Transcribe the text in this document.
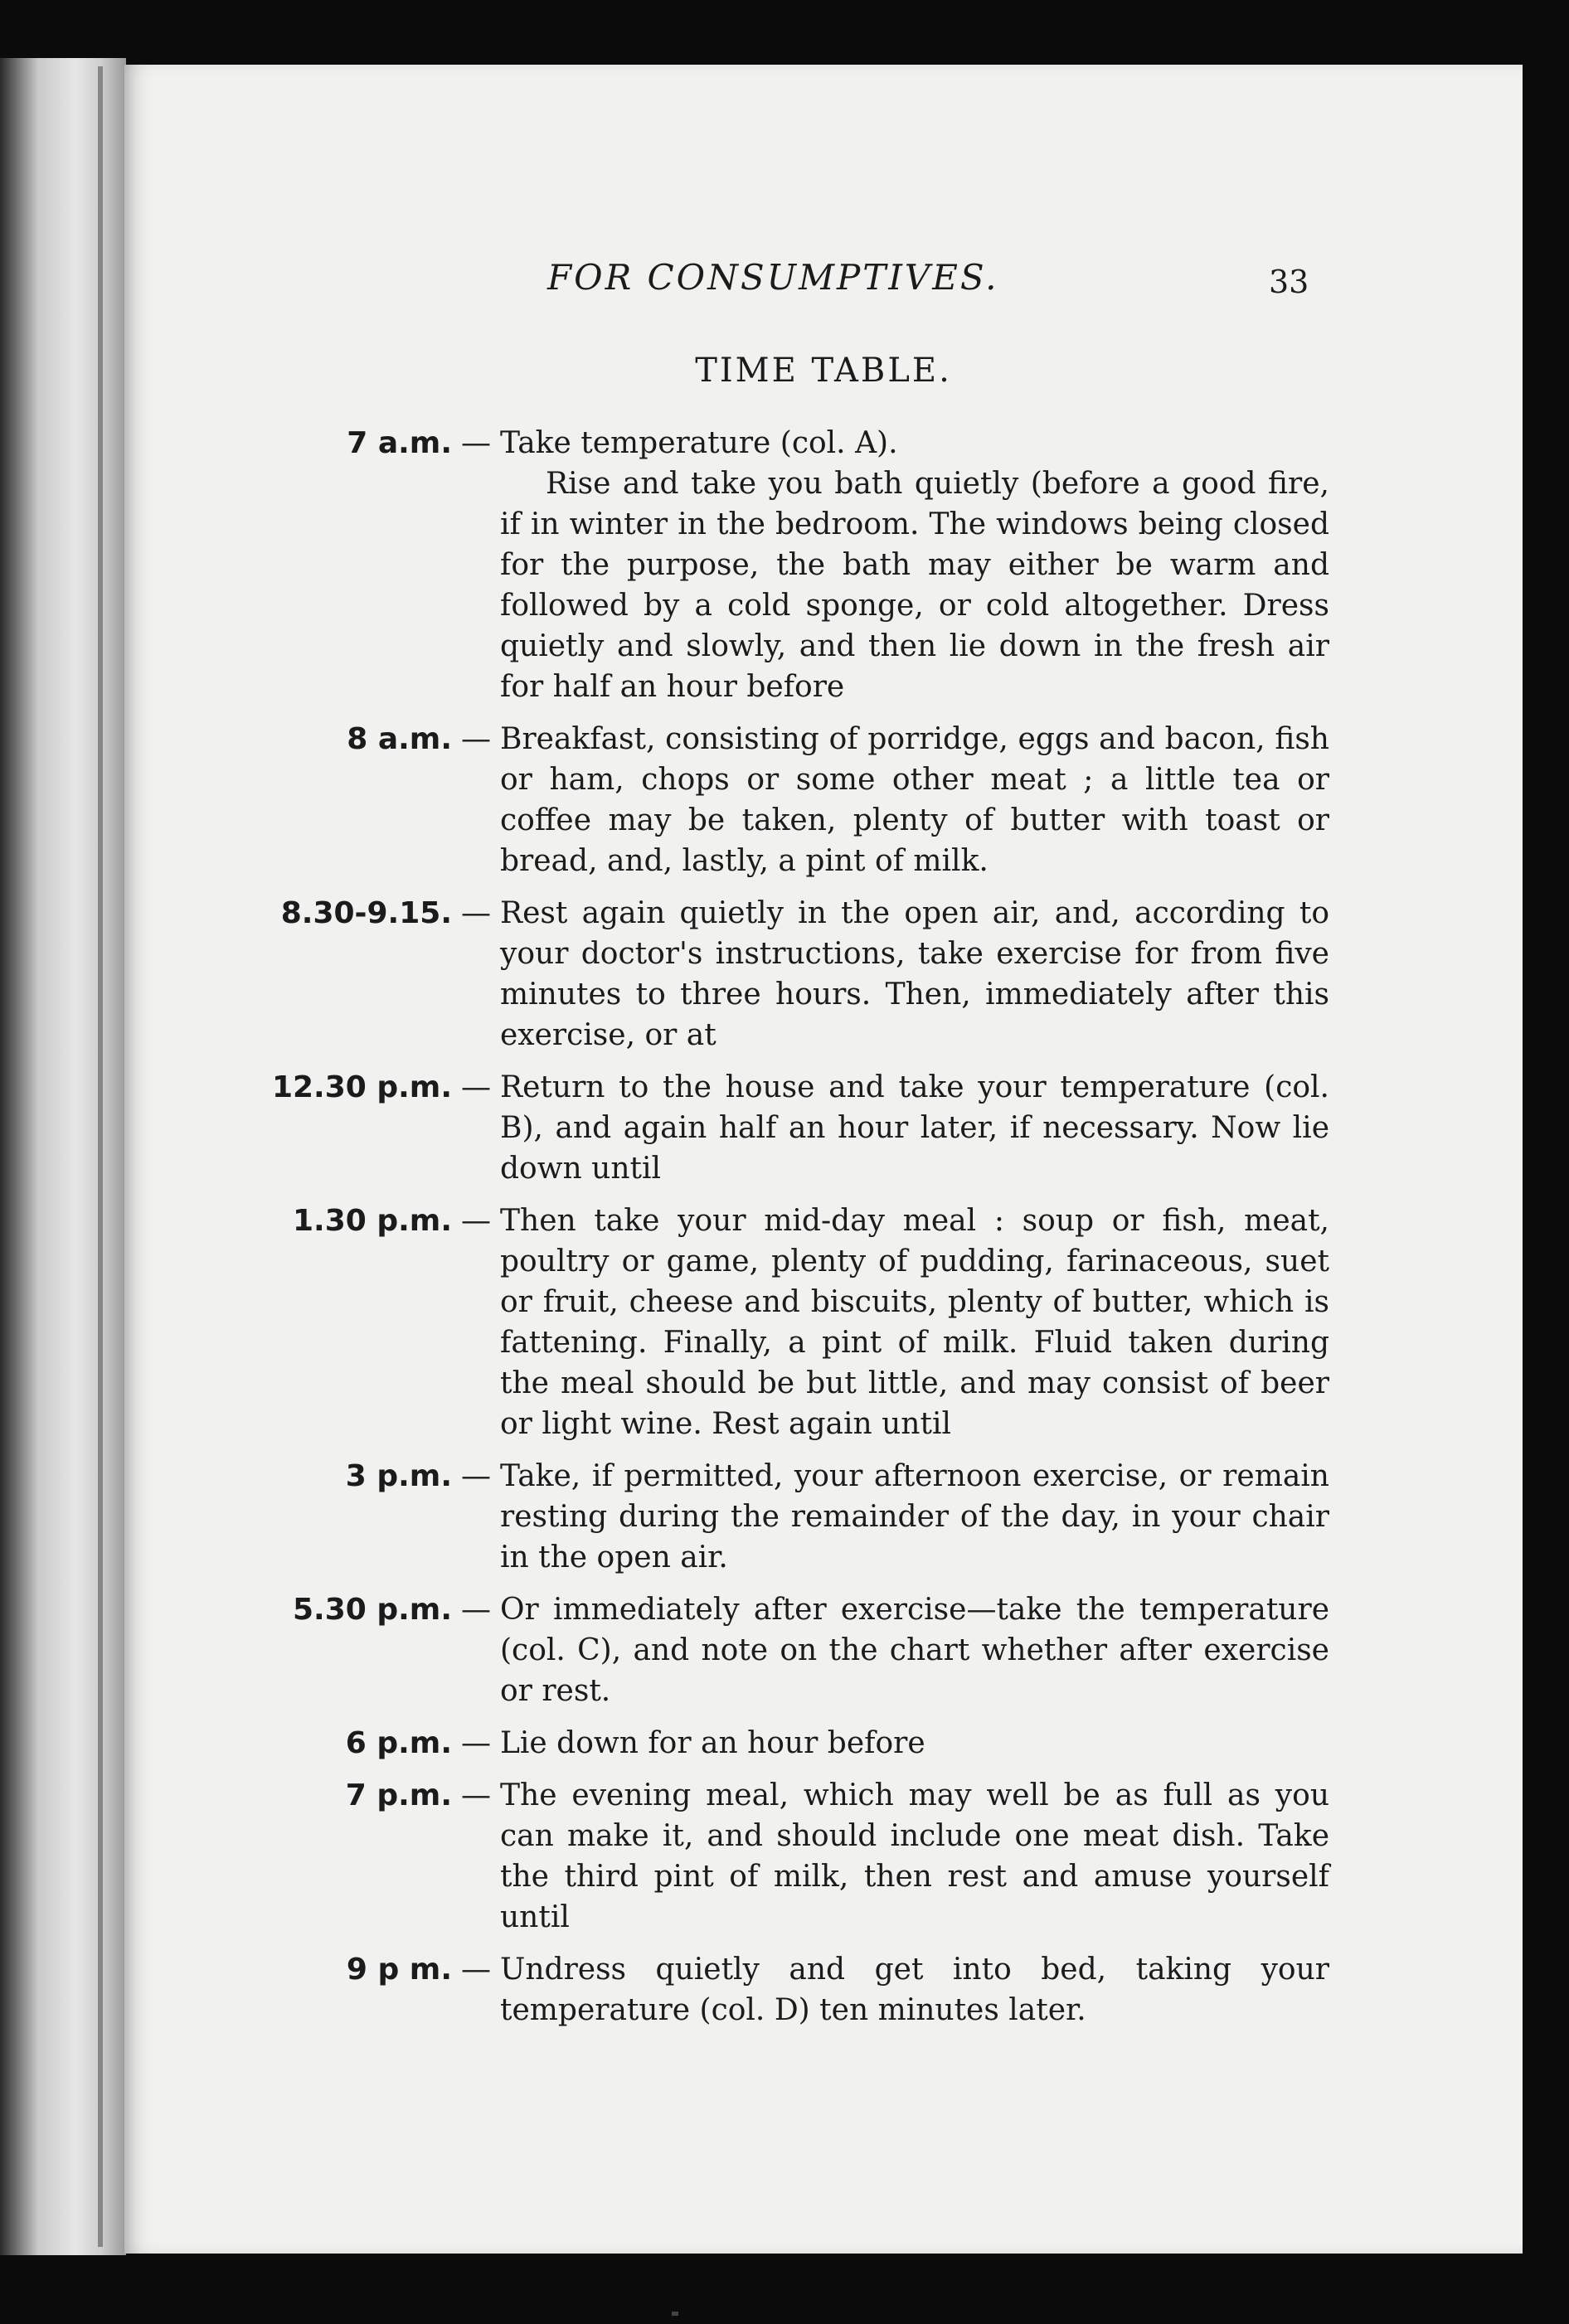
FOR CONSUMPTIVES.	33
TIME TABLE.
7 a.m. — Take temperature (col. A).

Rise and take you bath quietly (before a good fire, if in winter in the bedroom. The windows being closed for the purpose, the bath may either be warm and followed by a cold sponge, or cold altogether. Dress quietly and slowly, and then lie down in the fresh air for half an hour before

8 a.m. — Breakfast, consisting of porridge, eggs and bacon, fish or ham, chops or some other meat ; a little tea or coffee may be taken, plenty of butter with toast or bread, and, lastly, a pint of milk.

8.30-9.15. — Rest again quietly in the open air, and, according to your doctor's instructions, take exercise for from five minutes to three hours. Then, immediately after this exercise, or at

12.30 p.m. — Return to the house and take your temperature (col. B), and again half an hour later, if necessary. Now lie down until

1.30 p.m. — Then take your mid-day meal : soup or fish, meat, poultry or game, plenty of pudding, farinaceous, suet or fruit, cheese and biscuits, plenty of butter, which is fattening. Finally, a pint of milk. Fluid taken during the meal should be but little, and may consist of beer or light wine. Rest again until

3 p.m. — Take, if permitted, your afternoon exercise, or remain resting during the remainder of the day, in your chair in the open air.

5.30 p.m. — Or immediately after exercise—take the temperature (col. C), and note on the chart whether after exercise or rest.

6 p.m. — Lie down for an hour before

7 p.m. — The evening meal, which may well be as full as you can make it, and should include one meat dish. Take the third pint of milk, then rest and amuse yourself until

9 p m. — Undress quietly and get into bed, taking your temperature (col. D) ten minutes later.
